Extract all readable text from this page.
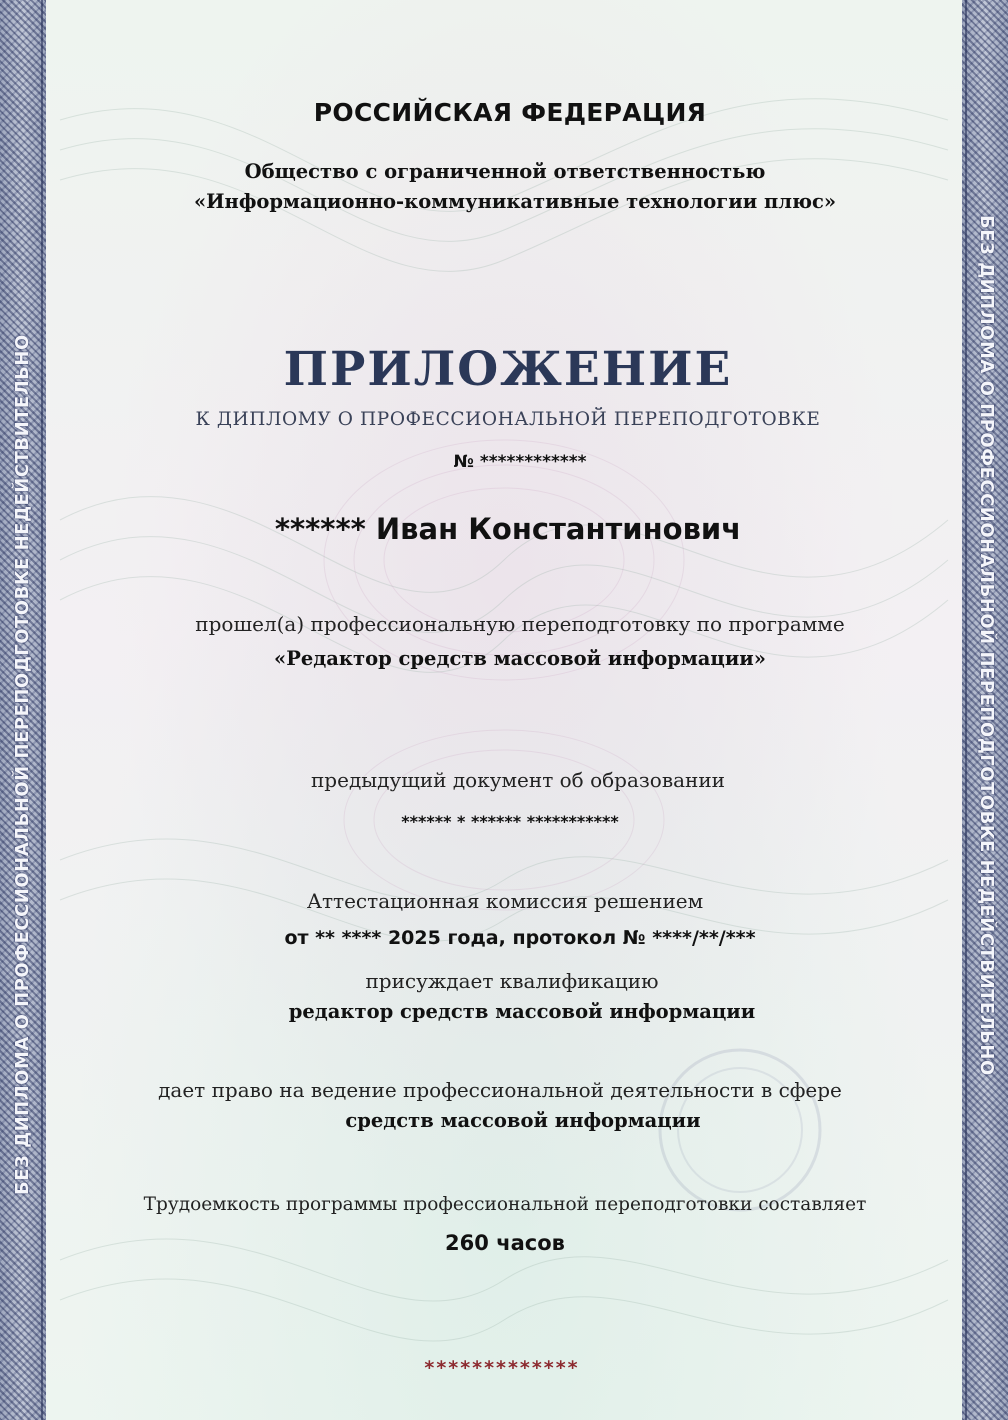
БЕЗ ДИПЛОМА О ПРОФЕССИОНАЛЬНОЙ ПЕРЕПОДГОТОВКЕ НЕДЕЙСТВИТЕЛЬНО	БЕЗ ДИПЛОМА О ПРОФЕССИОНАЛЬНОЙ ПЕРЕПОДГОТОВКЕ НЕДЕЙСТВИТЕЛЬНО
РОССИЙСКАЯ ФЕДЕРАЦИЯ
Общество с ограниченной ответственностью
«Информационно-коммуникативные технологии плюс»
ПРИЛОЖЕНИЕ
К ДИПЛОМУ О ПРОФЕССИОНАЛЬНОЙ ПЕРЕПОДГОТОВКЕ
№ ************
****** Иван Константинович
прошел(а) профессиональную переподготовку по программе
«Редактор средств массовой информации»
предыдущий документ об образовании
****** * ****** ***********
Аттестационная комиссия решением
от ** **** 2025 года, протокол № ****/**/***
присуждает квалификацию
редактор средств массовой информации
дает право на ведение профессиональной деятельности в сфере
средств массовой информации
Трудоемкость программы профессиональной переподготовки составляет
260 часов
*************
